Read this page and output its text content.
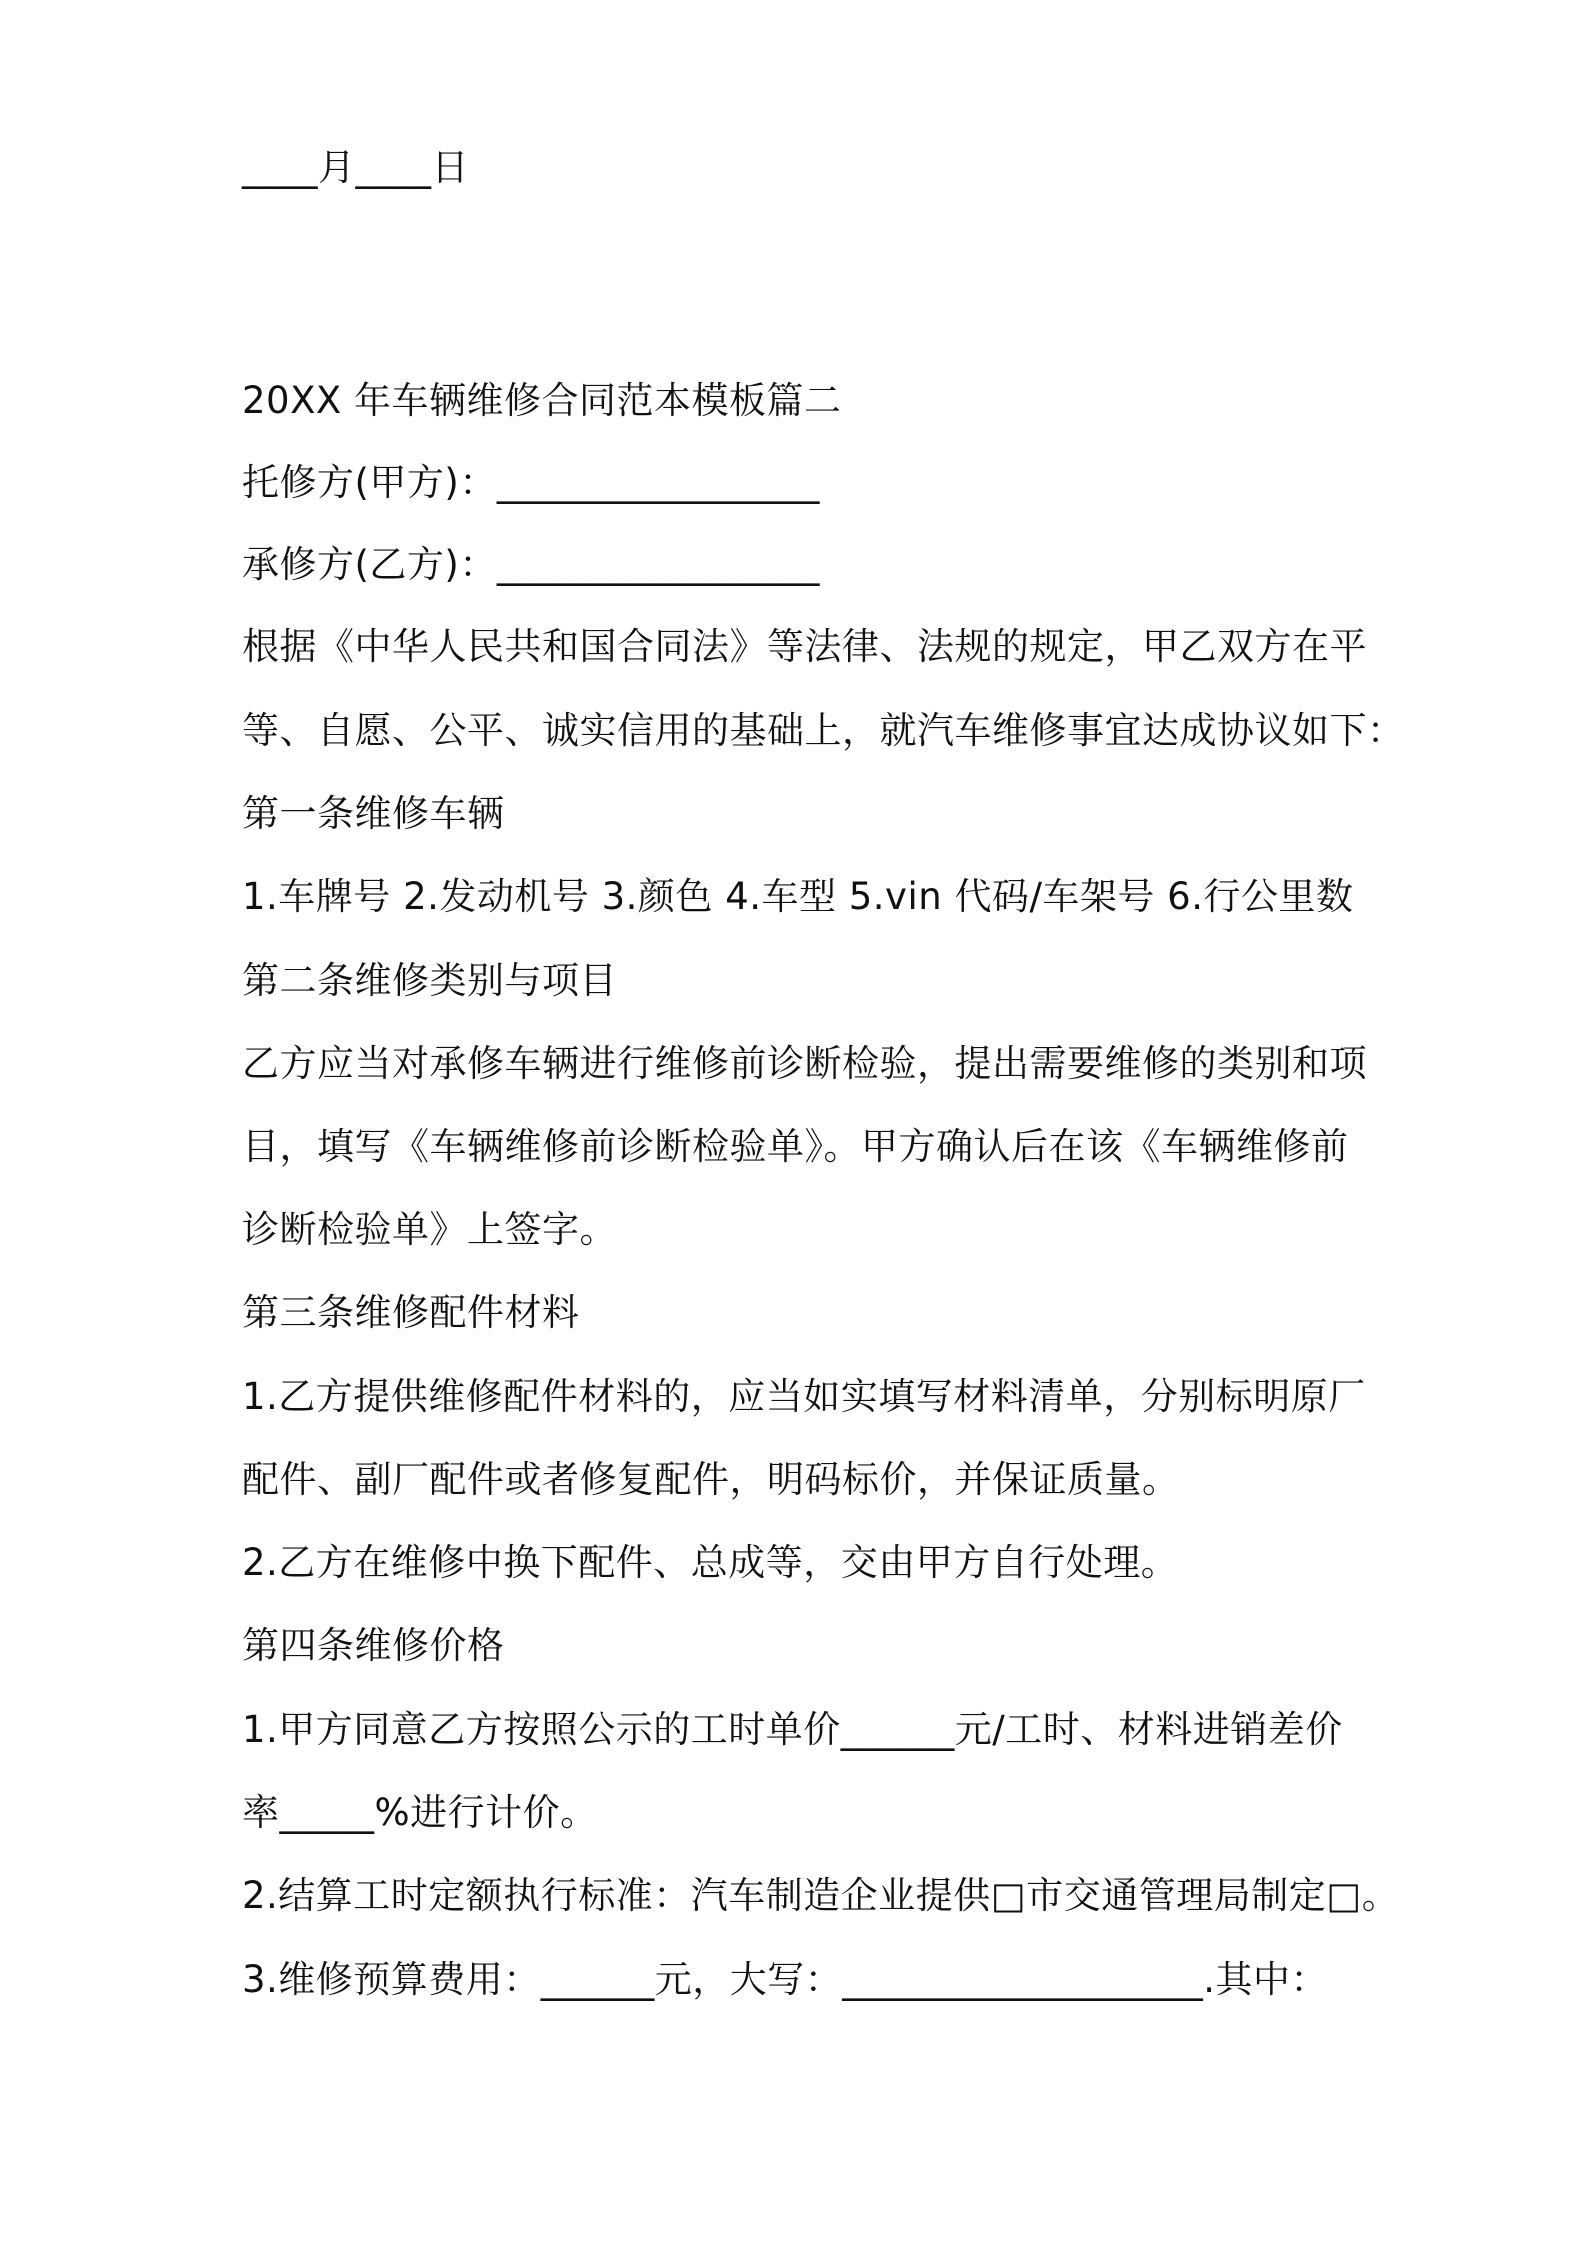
____月____日
20XX 年车辆维修合同范本模板篇二
托修方(甲方)：_________________
承修方(乙方)：_________________
根据《中华人民共和国合同法》等法律、法规的规定，甲乙双方在平
等、自愿、公平、诚实信用的基础上，就汽车维修事宜达成协议如下：
第一条维修车辆
1.车牌号 2.发动机号 3.颜色 4.车型 5.vin 代码/车架号 6.行公里数
第二条维修类别与项目
乙方应当对承修车辆进行维修前诊断检验，提出需要维修的类别和项
目，填写《车辆维修前诊断检验单》。甲方确认后在该《车辆维修前
诊断检验单》上签字。
第三条维修配件材料
1.乙方提供维修配件材料的，应当如实填写材料清单，分别标明原厂
配件、副厂配件或者修复配件，明码标价，并保证质量。
2.乙方在维修中换下配件、总成等，交由甲方自行处理。
第四条维修价格
1.甲方同意乙方按照公示的工时单价______元/工时、材料进销差价
率_____%进行计价。
2.结算工时定额执行标准：汽车制造企业提供□市交通管理局制定□。
3.维修预算费用：______元，大写：___________________.其中：
